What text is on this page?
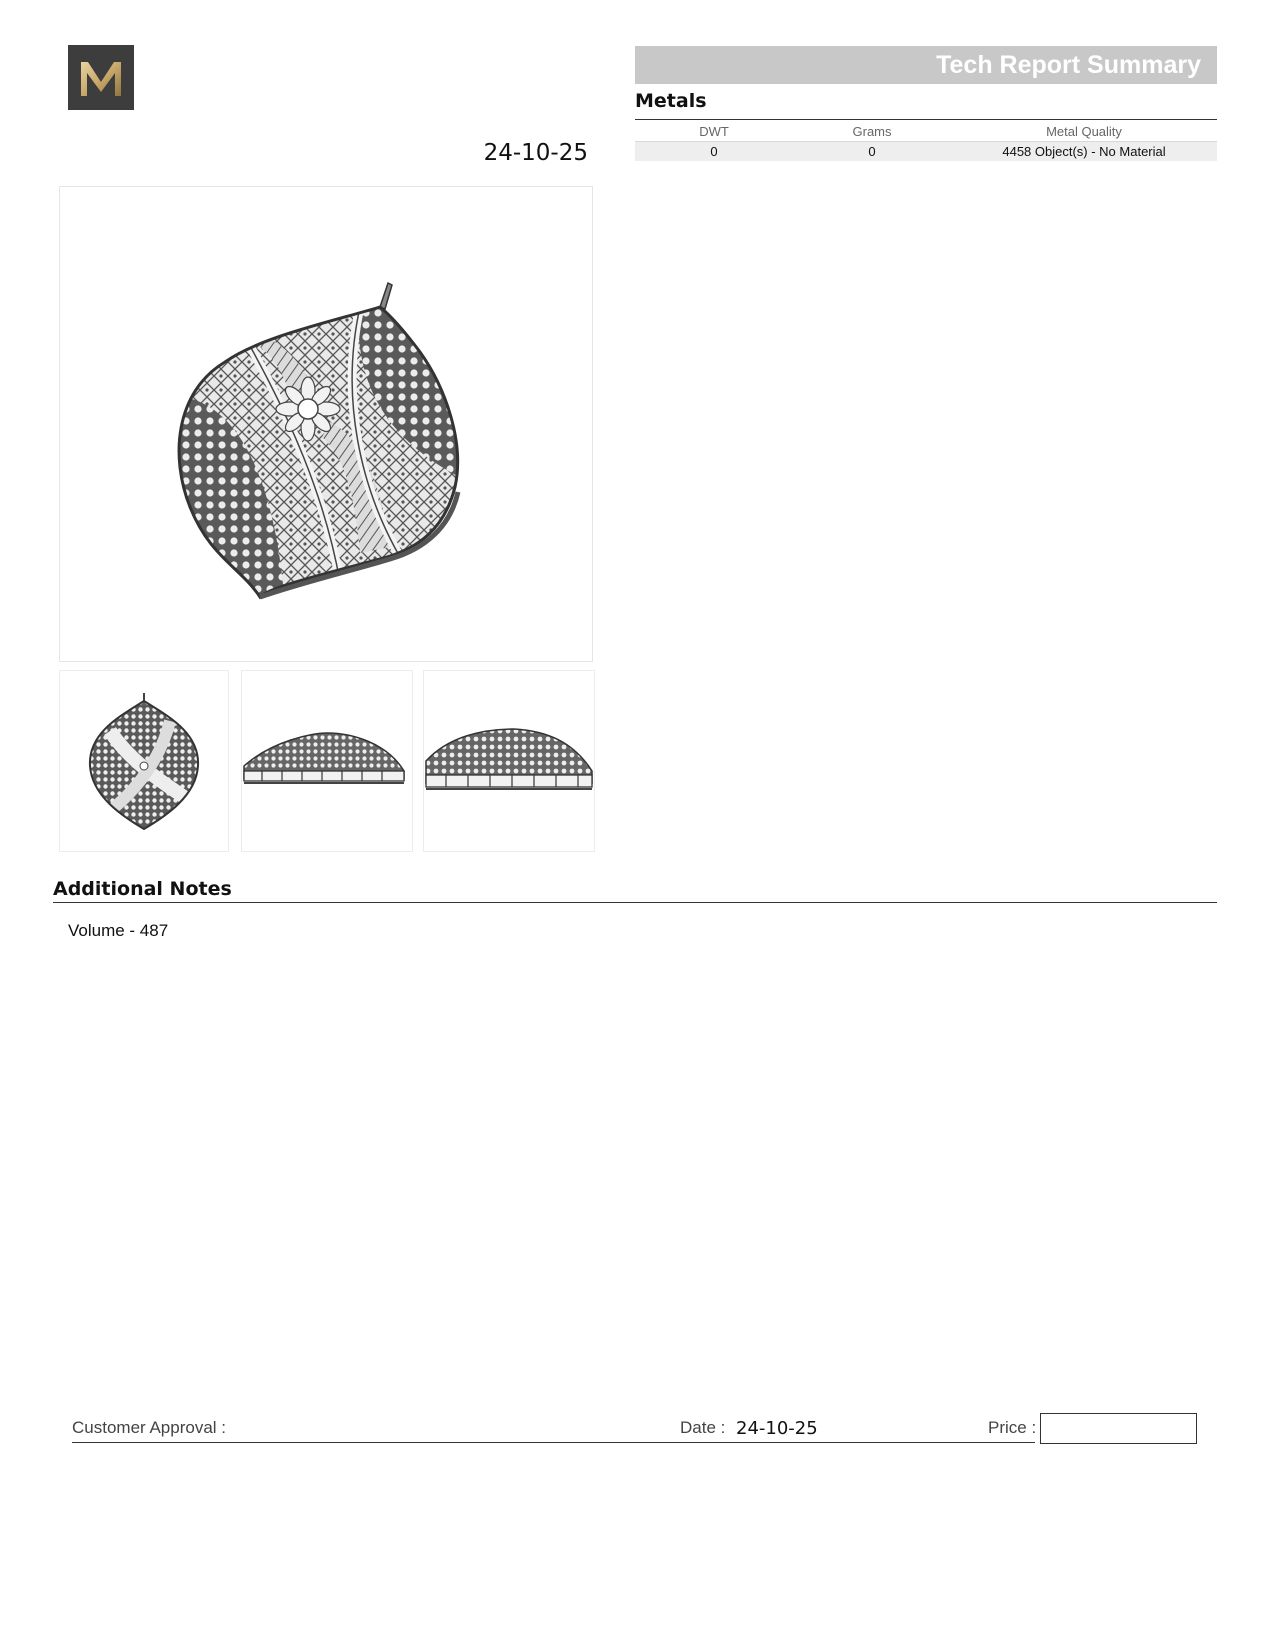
24-10-25
Tech Report Summary
Metals
DWT	Grams	Metal Quality
0	0	4458 Object(s) - No Material
Additional Notes
Volume - 487
Customer Approval :	Date : 24-10-25	Price :
